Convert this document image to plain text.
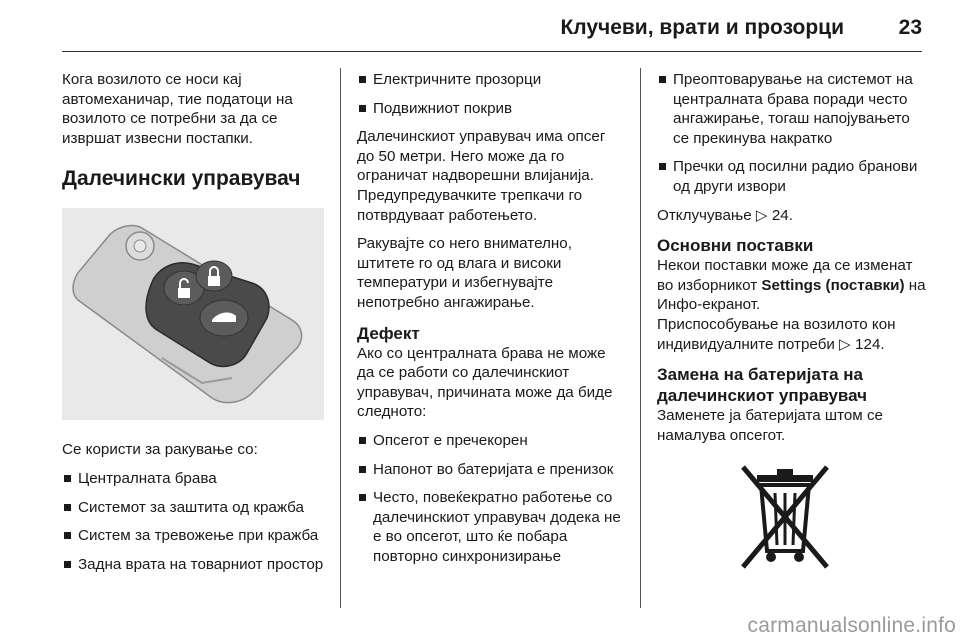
Клучеви, врати и прозорци	23

Кога возилото се носи кај автомеханичар, тие податоци на возилото се потребни за да се извршат извесни постапки.

Далечински управувач

Се користи за ракување со:

Централната брава
Системот за заштита од кражба
Систем за тревожење при кражба
Задна врата на товарниот простор
Електричните прозорци
Подвижниот покрив

Далечинскиот управувач има опсег до 50 метри. Него може да го ограничат надворешни влијанија. Предупредувачките трепкачи го потврдуваат работењето.

Ракувајте со него внимателно, штитете го од влага и високи температури и избегнувајте непотребно ангажирање.

Дефект

Ако со централната брава не може да се работи со далечинскиот управувач, причината може да биде следното:

Опсегот е пречекорен
Напонот во батеријата е пренизок
Често, повеќекратно работење со далечинскиот управувач додека не е во опсегот, што ќе побара повторно синхронизирање
Преоптоварување на системот на централната брава поради често ангажирање, тогаш напојувањето се прекинува накратко
Пречки од посилни радио бранови од други извори

Отклучување ▷ 24.

Основни поставки

Некои поставки може да се изменат во изборникот Settings (поставки) на Инфо-екранот.
Приспособување на возилото кон индивидуалните потреби ▷ 124.

Замена на батеријата на далечинскиот управувач

Заменете ја батеријата штом се намалува опсегот.

carmanualsonline.info
